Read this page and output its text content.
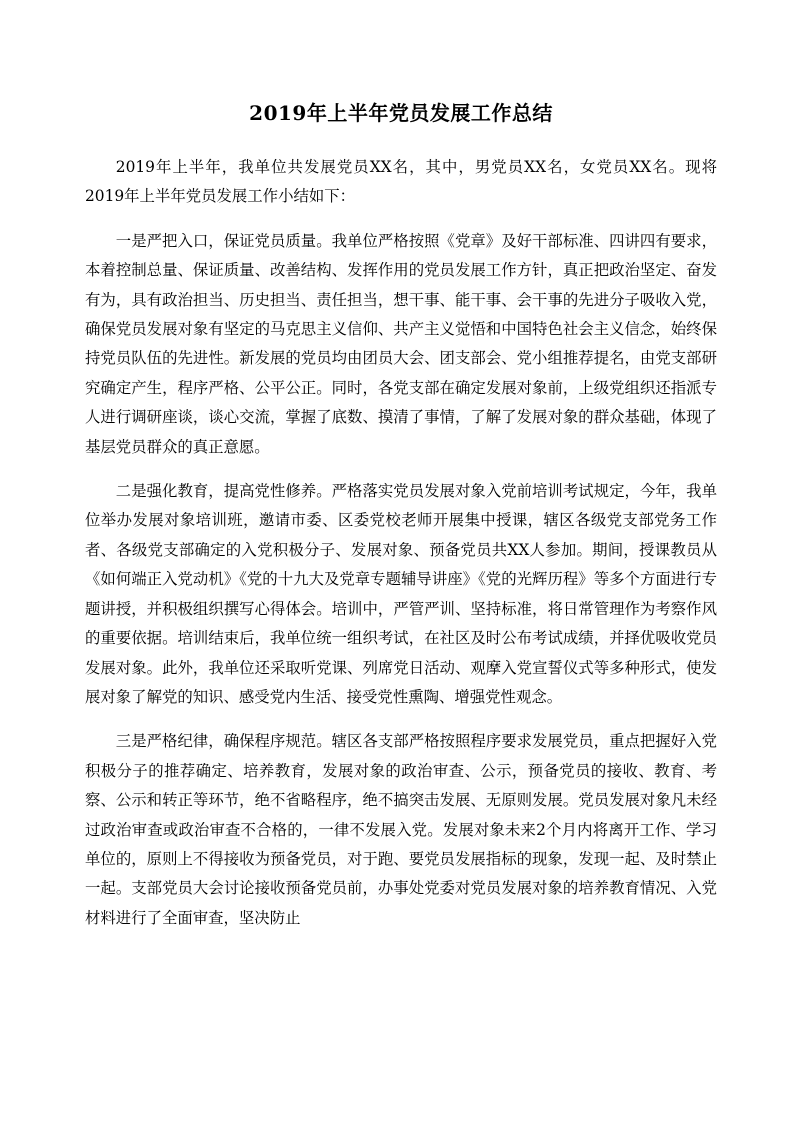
2019年上半年党员发展工作总结

2019年上半年，我单位共发展党员XX名，其中，男党员XX名，女党员XX名。现将2019年上半年党员发展工作小结如下：

一是严把入口，保证党员质量。我单位严格按照《党章》及好干部标准、四讲四有要求，本着控制总量、保证质量、改善结构、发挥作用的党员发展工作方针，真正把政治坚定、奋发有为，具有政治担当、历史担当、责任担当，想干事、能干事、会干事的先进分子吸收入党，确保党员发展对象有坚定的马克思主义信仰、共产主义觉悟和中国特色社会主义信念，始终保持党员队伍的先进性。新发展的党员均由团员大会、团支部会、党小组推荐提名，由党支部研究确定产生，程序严格、公平公正。同时，各党支部在确定发展对象前，上级党组织还指派专人进行调研座谈，谈心交流，掌握了底数、摸清了事情，了解了发展对象的群众基础，体现了基层党员群众的真正意愿。

二是强化教育，提高党性修养。严格落实党员发展对象入党前培训考试规定，今年，我单位举办发展对象培训班，邀请市委、区委党校老师开展集中授课，辖区各级党支部党务工作者、各级党支部确定的入党积极分子、发展对象、预备党员共XX人参加。期间，授课教员从《如何端正入党动机》《党的十九大及党章专题辅导讲座》《党的光辉历程》等多个方面进行专题讲授，并积极组织撰写心得体会。培训中，严管严训、坚持标准，将日常管理作为考察作风的重要依据。培训结束后，我单位统一组织考试，在社区及时公布考试成绩，并择优吸收党员发展对象。此外，我单位还采取听党课、列席党日活动、观摩入党宣誓仪式等多种形式，使发展对象了解党的知识、感受党内生活、接受党性熏陶、增强党性观念。

三是严格纪律，确保程序规范。辖区各支部严格按照程序要求发展党员，重点把握好入党积极分子的推荐确定、培养教育，发展对象的政治审查、公示，预备党员的接收、教育、考察、公示和转正等环节，绝不省略程序，绝不搞突击发展、无原则发展。党员发展对象凡未经过政治审查或政治审查不合格的，一律不发展入党。发展对象未来2个月内将离开工作、学习单位的，原则上不得接收为预备党员，对于跑、要党员发展指标的现象，发现一起、及时禁止一起。支部党员大会讨论接收预备党员前，办事处党委对党员发展对象的培养教育情况、入党材料进行了全面审查，坚决防止
